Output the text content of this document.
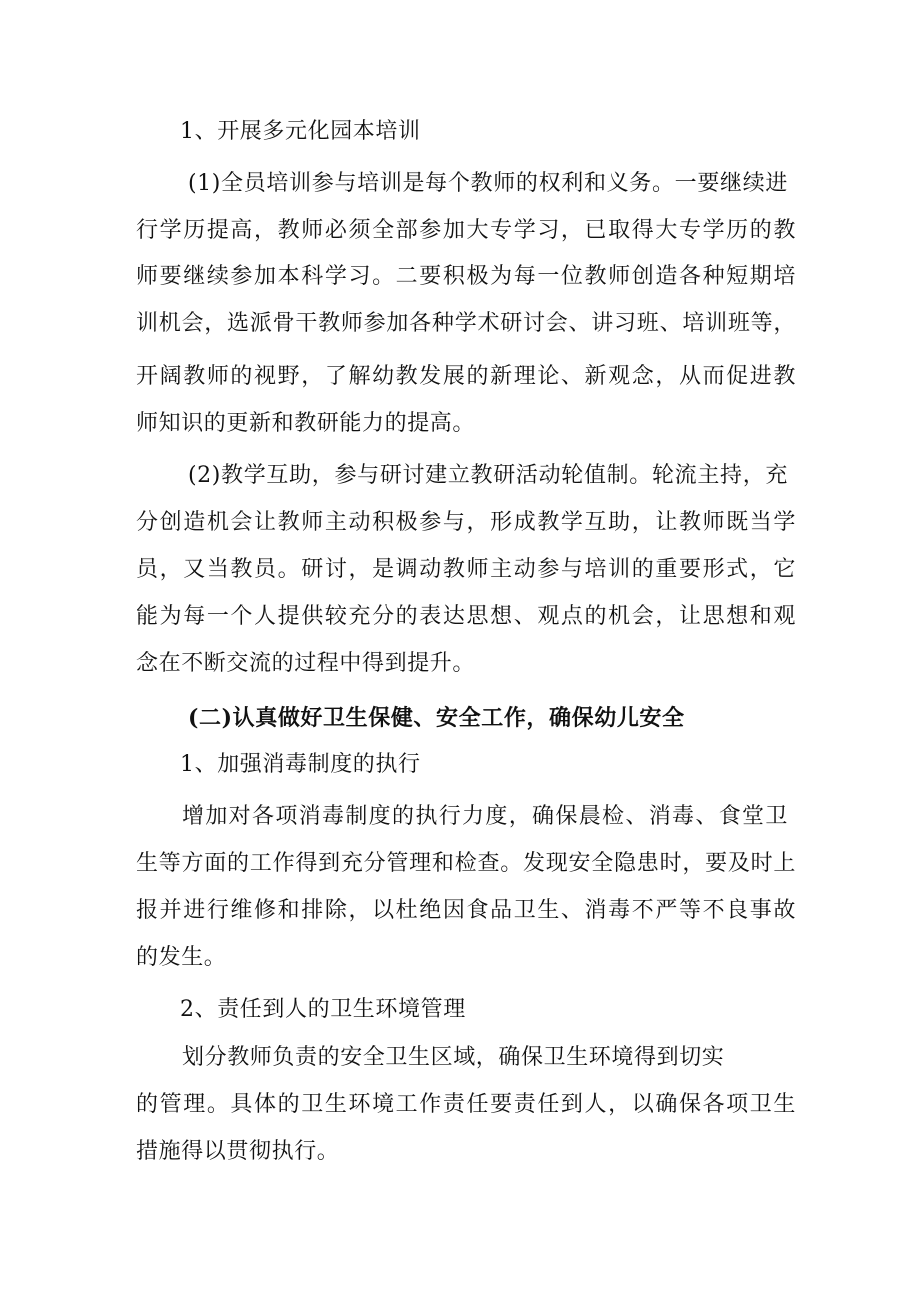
1、开展多元化园本培训
(1)全员培训参与培训是每个教师的权利和义务。一要继续进
行学历提高，教师必须全部参加大专学习，已取得大专学历的教
师要继续参加本科学习。二要积极为每一位教师创造各种短期培
训机会，选派骨干教师参加各种学术研讨会、讲习班、培训班等，
开阔教师的视野，了解幼教发展的新理论、新观念，从而促进教
师知识的更新和教研能力的提高。
(2)教学互助，参与研讨建立教研活动轮值制。轮流主持，充
分创造机会让教师主动积极参与，形成教学互助，让教师既当学
员，又当教员。研讨，是调动教师主动参与培训的重要形式，它
能为每一个人提供较充分的表达思想、观点的机会，让思想和观
念在不断交流的过程中得到提升。
(二)认真做好卫生保健、安全工作，确保幼儿安全
1、加强消毒制度的执行
增加对各项消毒制度的执行力度，确保晨检、消毒、食堂卫
生等方面的工作得到充分管理和检查。发现安全隐患时，要及时上
报并进行维修和排除，以杜绝因食品卫生、消毒不严等不良事故
的发生。
2、责任到人的卫生环境管理
划分教师负责的安全卫生区域，确保卫生环境得到切实
的管理。具体的卫生环境工作责任要责任到人，以确保各项卫生
措施得以贯彻执行。
